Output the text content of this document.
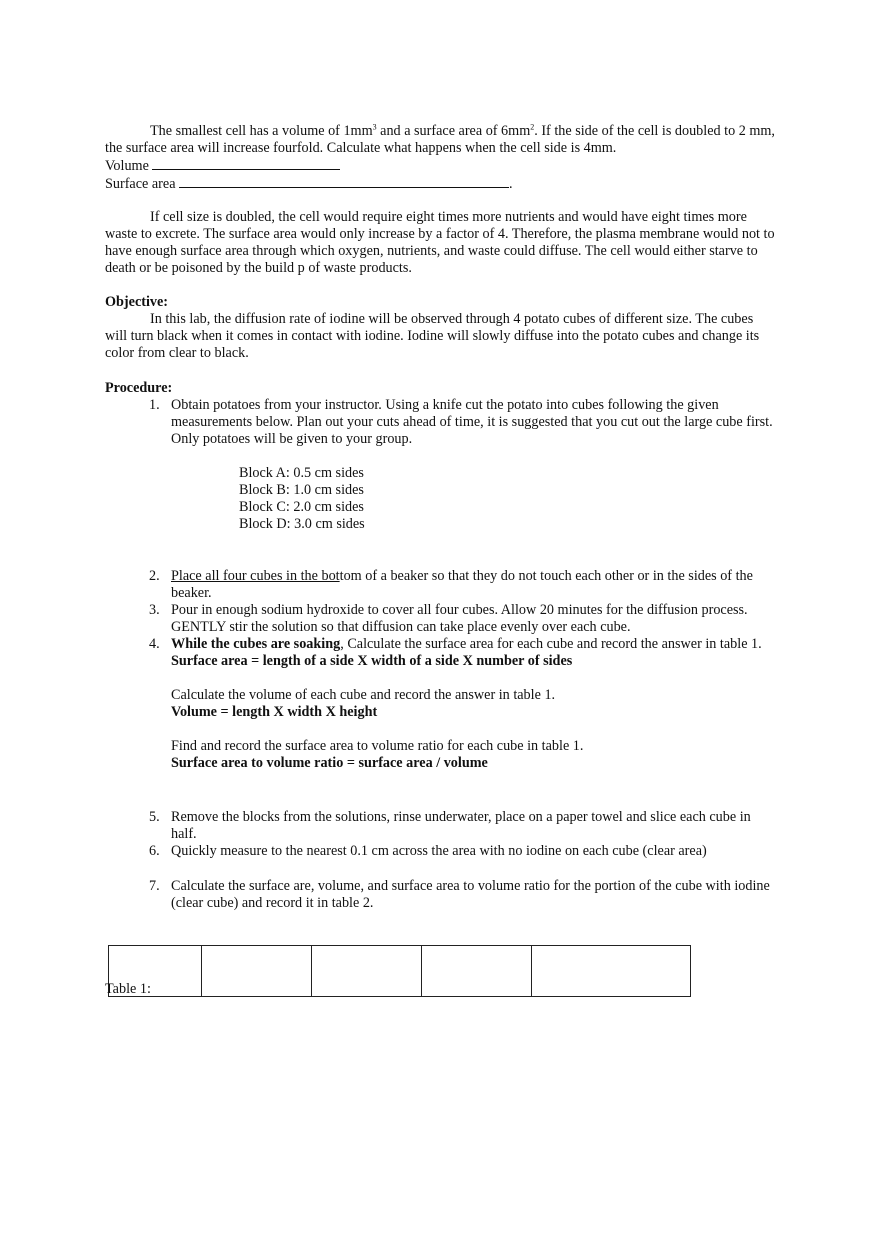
The smallest cell has a volume of $1mm^3$ and a surface area of $6mm^2$. If the side of the cell is doubled to 2 mm, the surface area will increase fourfold. Calculate what happens when the cell side is 4mm.

Volume

Surface area	.

If cell size is doubled, the cell would require eight times more nutrients and would have eight times more waste to excrete. The surface area would only increase by a factor of 4. Therefore, the plasma membrane would not to have enough surface area through which oxygen, nutrients, and waste could diffuse. The cell would either starve to death or be poisoned by the build p of waste products.

Objective:

In this lab, the diffusion rate of iodine will be observed through 4 potato cubes of different size. The cubes will turn black when it comes in contact with iodine. Iodine will slowly diffuse into the potato cubes and change its color from clear to black.

Procedure:

1. Obtain potatoes from your instructor. Using a knife cut the potato into cubes following the given measurements below. Plan out your cuts ahead of time, it is suggested that you cut out the large cube first. Only potatoes will be given to your group.

Block A: 0.5 cm sides

Block B: 1.0 cm sides

Block C: 2.0 cm sides

Block D: 3.0 cm sides

2. Place all four cubes in the bottom of a beaker so that they do not touch each other or in the sides of the beaker.
3. Pour in enough sodium hydroxide to cover all four cubes. Allow 20 minutes for the diffusion process. GENTLY stir the solution so that diffusion can take place evenly over each cube.
4. While the cubes are soaking, Calculate the surface area for each cube and record the answer in table 1.

Surface area = length of a side X width of a side X number of sides

Calculate the volume of each cube and record the answer in table 1.

Volume = length X width X height

Find and record the surface area to volume ratio for each cube in table 1.

Surface area to volume ratio = surface area / volume

5. Remove the blocks from the solutions, rinse underwater, place on a paper towel and slice each cube in half.
6. Quickly measure to the nearest 0.1 cm across the area with no iodine on each cube (clear area)
7. Calculate the surface are, volume, and surface area to volume ratio for the portion of the cube with iodine (clear cube) and record it in table 2.

Table 1:
